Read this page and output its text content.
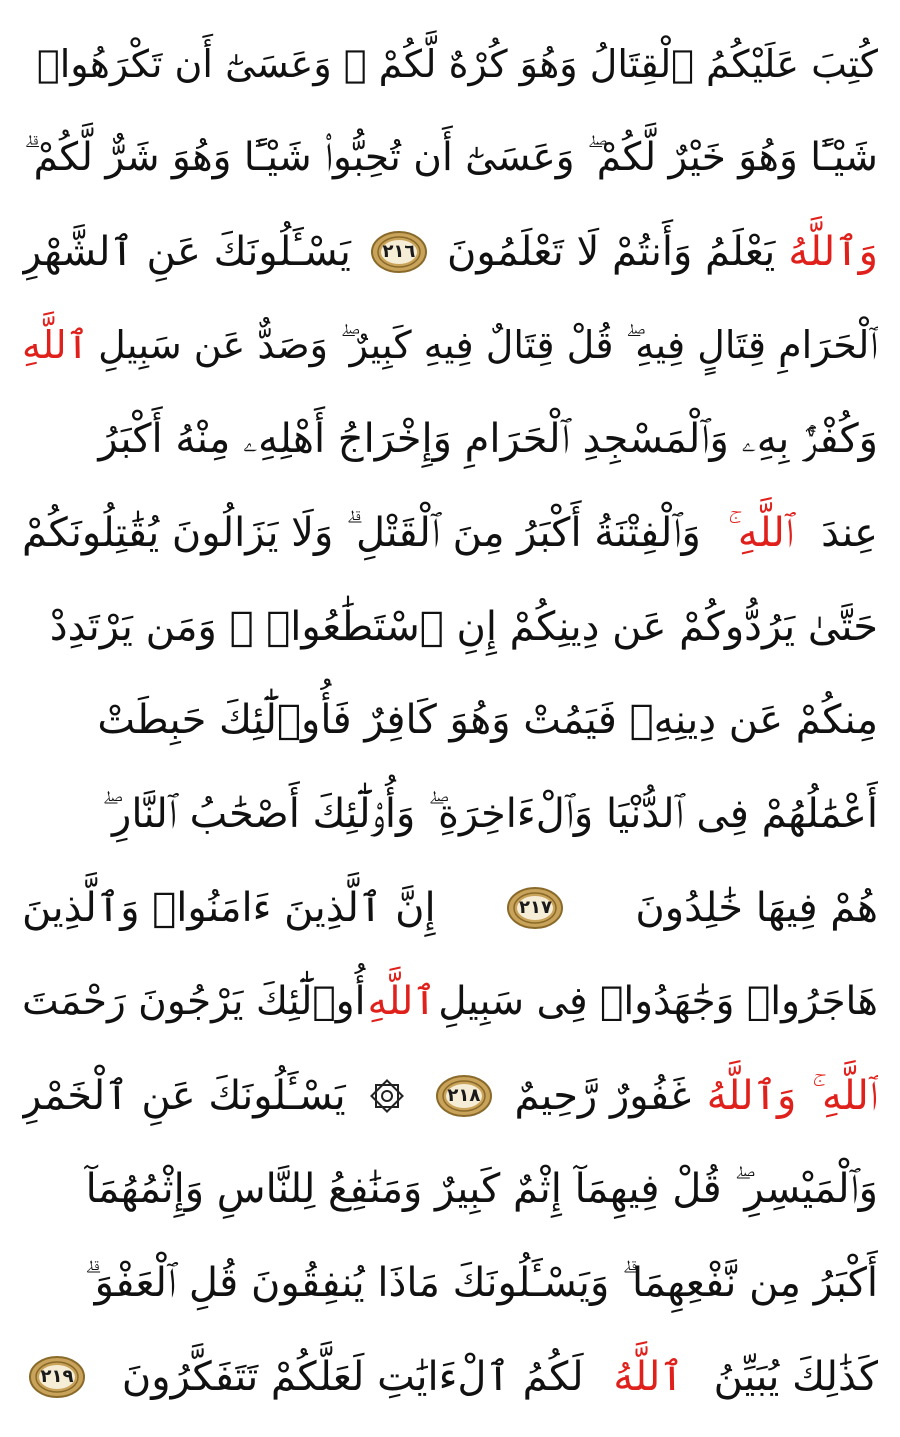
كُتِبَ عَلَيْكُمُ ٱلْقِتَالُ وَهُوَ كُرْهٌ لَّكُمْ ۖ وَعَسَىٰٓ أَن تَكْرَهُوا۟
شَيْـًٔا وَهُوَ خَيْرٌ لَّكُمْ ۖ وَعَسَىٰٓ أَن تُحِبُّوا۟ شَيْـًٔا وَهُوَ شَرٌّ لَّكُمْ ۗ
وَٱللَّهُ
يَعْلَمُ وَأَنتُمْ لَا تَعْلَمُونَ
٢١٦
يَسْـَٔلُونَكَ عَنِ ٱلشَّهْرِ
ٱلْحَرَامِ قِتَالٍ فِيهِ ۖ قُلْ قِتَالٌ فِيهِ كَبِيرٌ ۖ وَصَدٌّ عَن سَبِيلِ
ٱللَّهِ
وَكُفْرٌۢ بِهِۦ وَٱلْمَسْجِدِ ٱلْحَرَامِ وَإِخْرَاجُ أَهْلِهِۦ مِنْهُ أَكْبَرُ
عِندَ
ٱللَّهِ ۚ
وَٱلْفِتْنَةُ أَكْبَرُ مِنَ ٱلْقَتْلِ ۗ وَلَا يَزَالُونَ يُقَٰتِلُونَكُمْ
حَتَّىٰ يَرُدُّوكُمْ عَن دِينِكُمْ إِنِ ٱسْتَطَٰعُوا۟ ۚ وَمَن يَرْتَدِدْ
مِنكُمْ عَن دِينِهِۦ فَيَمُتْ وَهُوَ كَافِرٌ فَأُو۟لَٰٓئِكَ حَبِطَتْ
أَعْمَٰلُهُمْ فِى ٱلدُّنْيَا وَٱلْءَاخِرَةِ ۖ وَأُو۟لَٰٓئِكَ أَصْحَٰبُ ٱلنَّارِ ۖ
هُمْ فِيهَا خَٰلِدُونَ
٢١٧
إِنَّ ٱلَّذِينَ ءَامَنُوا۟ وَٱلَّذِينَ
هَاجَرُوا۟ وَجَٰهَدُوا۟ فِى سَبِيلِ
ٱللَّهِ
أُو۟لَٰٓئِكَ يَرْجُونَ رَحْمَتَ
ٱللَّهِ ۚ
وَٱللَّهُ
غَفُورٌ رَّحِيمٌ
٢١٨
يَسْـَٔلُونَكَ عَنِ ٱلْخَمْرِ
وَٱلْمَيْسِرِ ۖ قُلْ فِيهِمَآ إِثْمٌ كَبِيرٌ وَمَنَٰفِعُ لِلنَّاسِ وَإِثْمُهُمَآ
أَكْبَرُ مِن نَّفْعِهِمَا ۗ وَيَسْـَٔلُونَكَ مَاذَا يُنفِقُونَ قُلِ ٱلْعَفْوَ ۗ
كَذَٰلِكَ يُبَيِّنُ
ٱللَّهُ
لَكُمُ ٱلْءَايَٰتِ لَعَلَّكُمْ تَتَفَكَّرُونَ
٢١٩
